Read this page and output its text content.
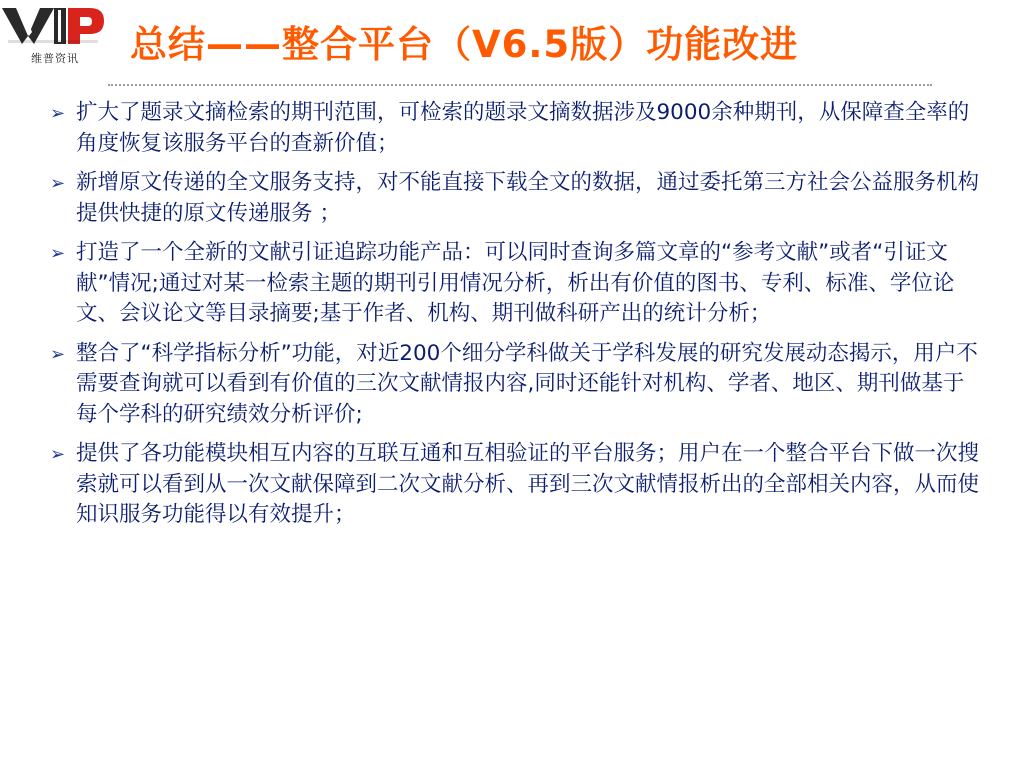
维普资讯 总结——整合平台（V6.5版）功能改进
➢ 扩大了题录文摘检索的期刊范围，可检索的题录文摘数据涉及9000余种期刊，从保障查全率的角度恢复该服务平台的查新价值；
➢ 新增原文传递的全文服务支持，对不能直接下载全文的数据，通过委托第三方社会公益服务机构提供快捷的原文传递服务 ；
➢ 打造了一个全新的文献引证追踪功能产品：可以同时查询多篇文章的“参考文献”或者“引证文献”情况;通过对某一检索主题的期刊引用情况分析，析出有价值的图书、专利、标准、学位论文、会议论文等目录摘要;基于作者、机构、期刊做科研产出的统计分析；
➢ 整合了“科学指标分析”功能，对近200个细分学科做关于学科发展的研究发展动态揭示，用户不需要查询就可以看到有价值的三次文献情报内容,同时还能针对机构、学者、地区、期刊做基于每个学科的研究绩效分析评价;
➢ 提供了各功能模块相互内容的互联互通和互相验证的平台服务；用户在一个整合平台下做一次搜索就可以看到从一次文献保障到二次文献分析、再到三次文献情报析出的全部相关内容，从而使知识服务功能得以有效提升；
